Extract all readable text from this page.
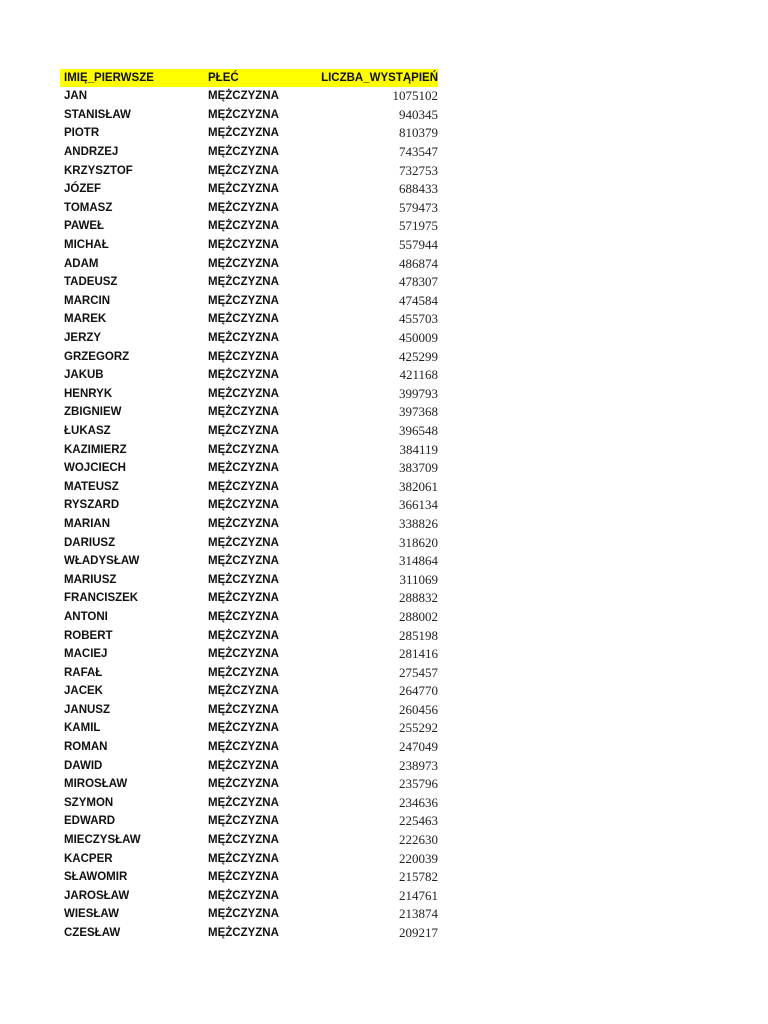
IMIĘ_PIERWSZE	PŁEĆ	LICZBA_WYSTĄPIEŃ
JAN	MĘŻCZYZNA	1075102
STANISŁAW	MĘŻCZYZNA	940345
PIOTR	MĘŻCZYZNA	810379
ANDRZEJ	MĘŻCZYZNA	743547
KRZYSZTOF	MĘŻCZYZNA	732753
JÓZEF	MĘŻCZYZNA	688433
TOMASZ	MĘŻCZYZNA	579473
PAWEŁ	MĘŻCZYZNA	571975
MICHAŁ	MĘŻCZYZNA	557944
ADAM	MĘŻCZYZNA	486874
TADEUSZ	MĘŻCZYZNA	478307
MARCIN	MĘŻCZYZNA	474584
MAREK	MĘŻCZYZNA	455703
JERZY	MĘŻCZYZNA	450009
GRZEGORZ	MĘŻCZYZNA	425299
JAKUB	MĘŻCZYZNA	421168
HENRYK	MĘŻCZYZNA	399793
ZBIGNIEW	MĘŻCZYZNA	397368
ŁUKASZ	MĘŻCZYZNA	396548
KAZIMIERZ	MĘŻCZYZNA	384119
WOJCIECH	MĘŻCZYZNA	383709
MATEUSZ	MĘŻCZYZNA	382061
RYSZARD	MĘŻCZYZNA	366134
MARIAN	MĘŻCZYZNA	338826
DARIUSZ	MĘŻCZYZNA	318620
WŁADYSŁAW	MĘŻCZYZNA	314864
MARIUSZ	MĘŻCZYZNA	311069
FRANCISZEK	MĘŻCZYZNA	288832
ANTONI	MĘŻCZYZNA	288002
ROBERT	MĘŻCZYZNA	285198
MACIEJ	MĘŻCZYZNA	281416
RAFAŁ	MĘŻCZYZNA	275457
JACEK	MĘŻCZYZNA	264770
JANUSZ	MĘŻCZYZNA	260456
KAMIL	MĘŻCZYZNA	255292
ROMAN	MĘŻCZYZNA	247049
DAWID	MĘŻCZYZNA	238973
MIROSŁAW	MĘŻCZYZNA	235796
SZYMON	MĘŻCZYZNA	234636
EDWARD	MĘŻCZYZNA	225463
MIECZYSŁAW	MĘŻCZYZNA	222630
KACPER	MĘŻCZYZNA	220039
SŁAWOMIR	MĘŻCZYZNA	215782
JAROSŁAW	MĘŻCZYZNA	214761
WIESŁAW	MĘŻCZYZNA	213874
CZESŁAW	MĘŻCZYZNA	209217
